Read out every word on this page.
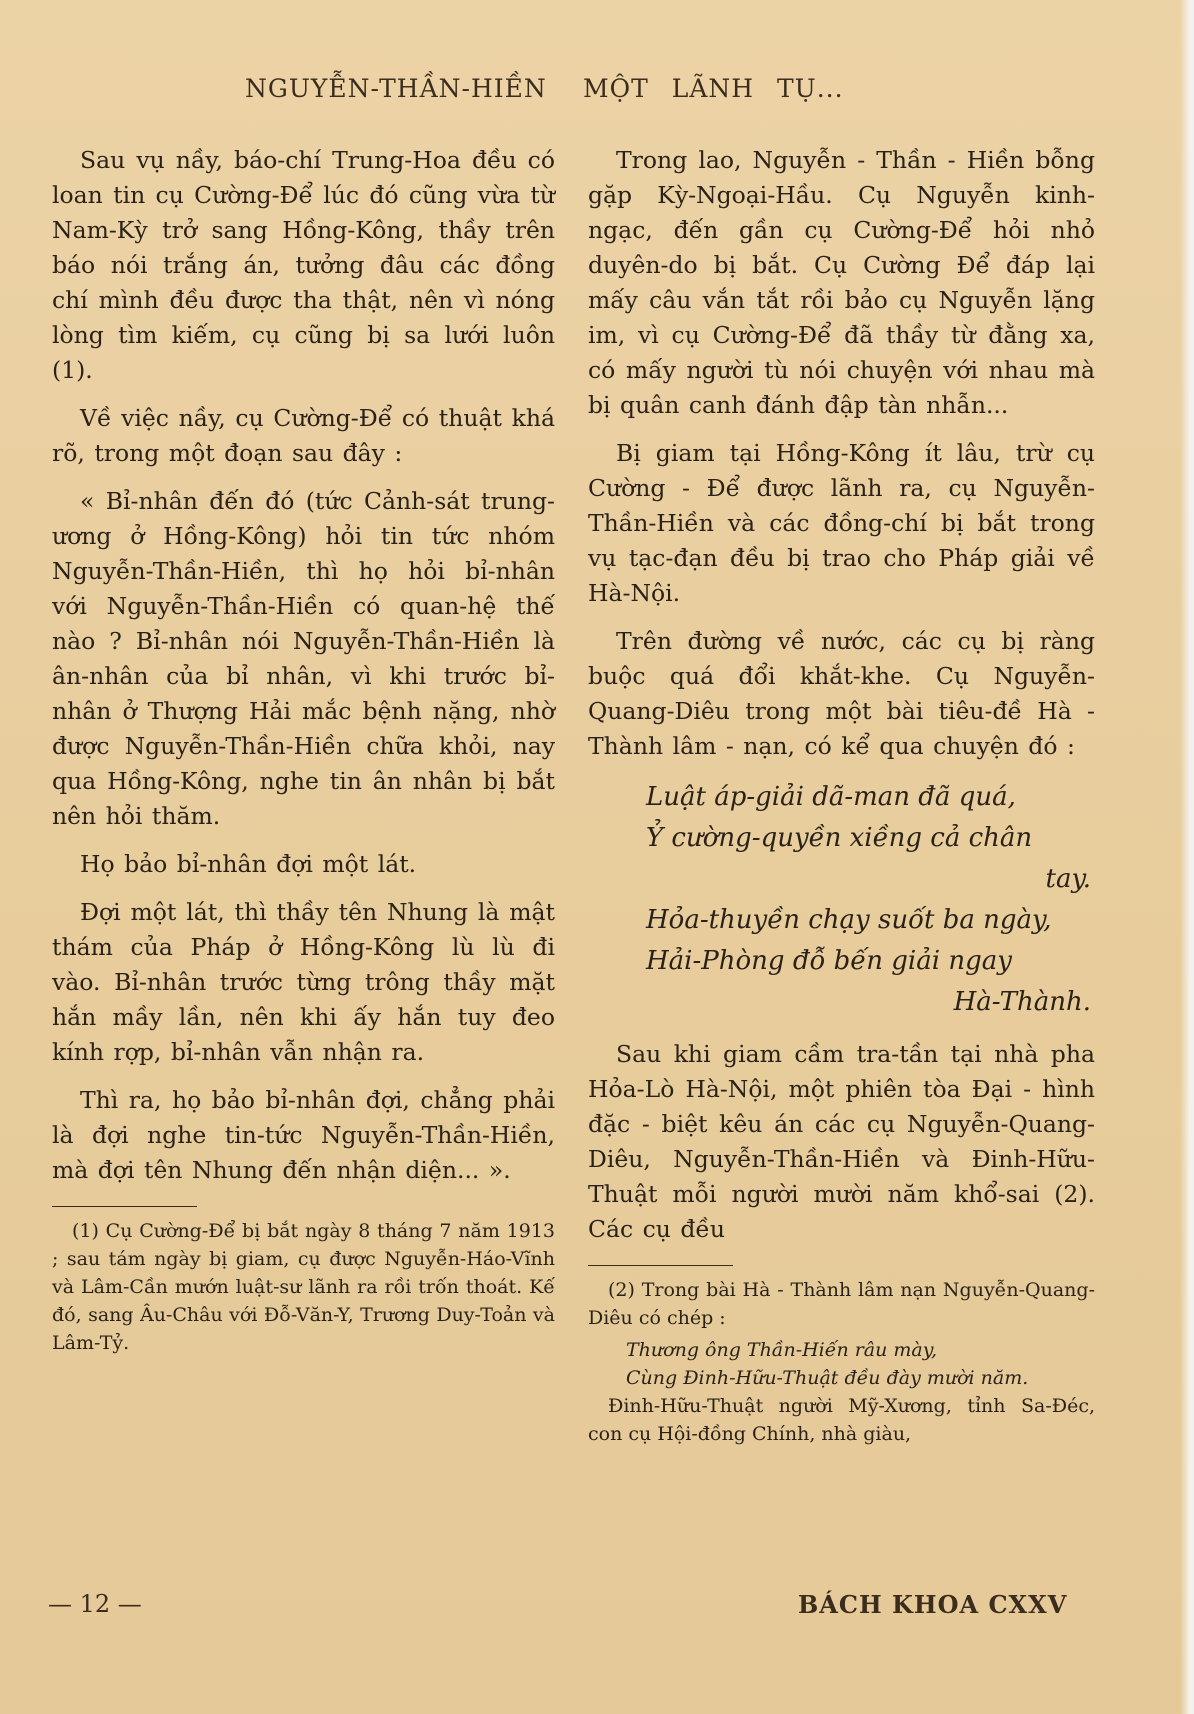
NGUYỄN-THẦN-HIỀN	MỘT LÃNH TỤ...

Sau vụ nầy, báo-chí Trung-Hoa đều có loan tin cụ Cường-Để lúc đó cũng vừa từ Nam-Kỳ trở sang Hồng-Kông, thầy trên báo nói trắng án, tưởng đâu các đồng chí mình đều được tha thật, nên vì nóng lòng tìm kiếm, cụ cũng bị sa lưới luôn (1).

Về việc nầy, cụ Cường-Để có thuật khá rõ, trong một đoạn sau đây :

« Bỉ-nhân đến đó (tức Cảnh-sát trung-ương ở Hồng-Kông) hỏi tin tức nhóm Nguyễn-Thần-Hiền, thì họ hỏi bỉ-nhân với Nguyễn-Thần-Hiền có quan-hệ thế nào ? Bỉ-nhân nói Nguyễn-Thần-Hiền là ân-nhân của bỉ nhân, vì khi trước bỉ-nhân ở Thượng Hải mắc bệnh nặng, nhờ được Nguyễn-Thần-Hiền chữa khỏi, nay qua Hồng-Kông, nghe tin ân nhân bị bắt nên hỏi thăm.

Họ bảo bỉ-nhân đợi một lát.

Đợi một lát, thì thầy tên Nhung là mật thám của Pháp ở Hồng-Kông lù lù đi vào. Bỉ-nhân trước từng trông thầy mặt hắn mầy lần, nên khi ấy hắn tuy đeo kính rợp, bỉ-nhân vẫn nhận ra.

Thì ra, họ bảo bỉ-nhân đợi, chẳng phải là đợi nghe tin-tức Nguyễn-Thần-Hiền, mà đợi tên Nhung đến nhận diện... ».

(1) Cụ Cường-Để bị bắt ngày 8 tháng 7 năm 1913 ; sau tám ngày bị giam, cụ được Nguyễn-Háo-Vĩnh và Lâm-Cần mướn luật-sư lãnh ra rồi trốn thoát. Kế đó, sang Âu-Châu với Đỗ-Văn-Y, Trương Duy-Toản và Lâm-Tỷ.

Trong lao, Nguyễn - Thần - Hiền bỗng gặp Kỳ-Ngoại-Hầu. Cụ Nguyễn kinh-ngạc, đến gần cụ Cường-Để hỏi nhỏ duyên-do bị bắt. Cụ Cường Để đáp lại mấy câu vắn tắt rồi bảo cụ Nguyễn lặng im, vì cụ Cường-Để đã thầy từ đằng xa, có mấy người tù nói chuyện với nhau mà bị quân canh đánh đập tàn nhẫn...

Bị giam tại Hồng-Kông ít lâu, trừ cụ Cường - Để được lãnh ra, cụ Nguyễn-Thần-Hiền và các đồng-chí bị bắt trong vụ tạc-đạn đều bị trao cho Pháp giải về Hà-Nội.

Trên đường về nước, các cụ bị ràng buộc quá đổi khắt-khe. Cụ Nguyễn-Quang-Diêu trong một bài tiêu-đề Hà - Thành lâm - nạn, có kể qua chuyện đó :

Luật áp-giải dã-man đã quá,
Ỷ cường-quyền xiềng cả chân
tay.
Hỏa-thuyền chạy suốt ba ngày,
Hải-Phòng đỗ bến giải ngay
Hà-Thành.

Sau khi giam cầm tra-tần tại nhà pha Hỏa-Lò Hà-Nội, một phiên tòa Đại - hình đặc - biệt kêu án các cụ Nguyễn-Quang-Diêu, Nguyễn-Thần-Hiền và Đinh-Hữu-Thuật mỗi người mười năm khổ-sai (2). Các cụ đều

(2) Trong bài Hà - Thành lâm nạn Nguyễn-Quang-Diêu có chép :

Thương ông Thần-Hiến râu mày,
Cùng Đinh-Hữu-Thuật đều đày mười năm.

Đinh-Hữu-Thuật người Mỹ-Xương, tỉnh Sa-Đéc, con cụ Hội-đồng Chính, nhà giàu,

— 12 —	BÁCH KHOA CXXV
